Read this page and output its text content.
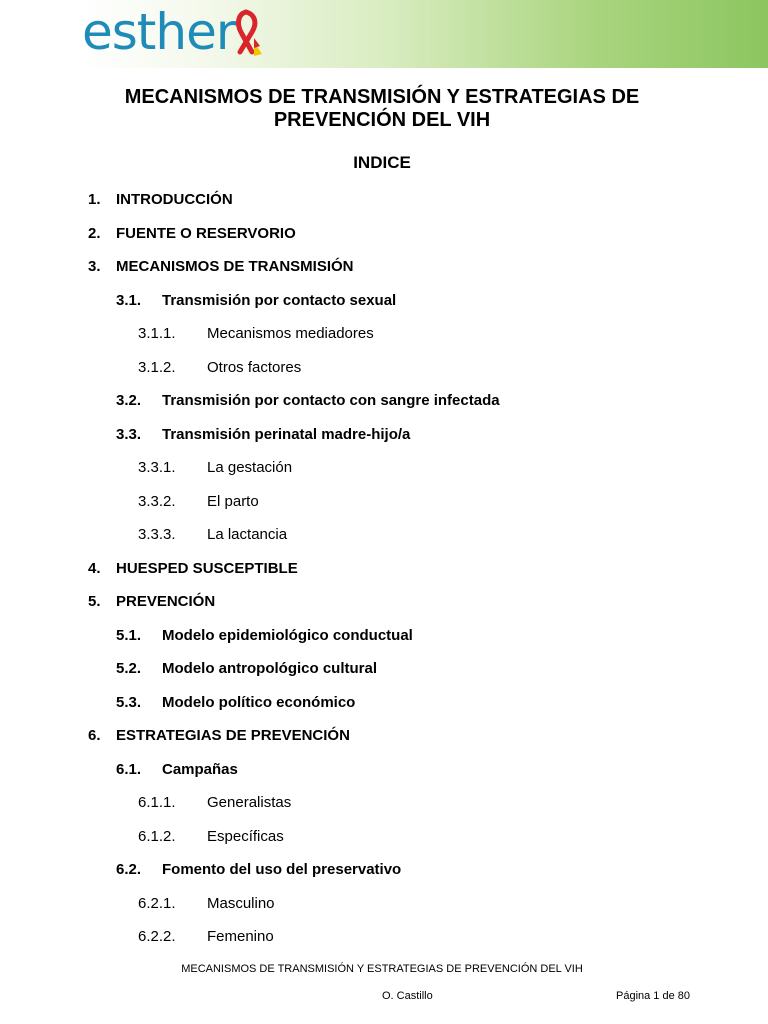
esther
MECANISMOS DE TRANSMISIÓN Y ESTRATEGIAS DE PREVENCIÓN DEL VIH
INDICE
1. INTRODUCCIÓN
2. FUENTE O RESERVORIO
3. MECANISMOS DE TRANSMISIÓN
3.1. Transmisión por contacto sexual
3.1.1. Mecanismos mediadores
3.1.2. Otros factores
3.2. Transmisión por contacto con sangre infectada
3.3. Transmisión perinatal madre-hijo/a
3.3.1. La gestación
3.3.2. El parto
3.3.3. La lactancia
4. HUESPED SUSCEPTIBLE
5. PREVENCIÓN
5.1. Modelo epidemiológico conductual
5.2. Modelo antropológico cultural
5.3. Modelo político económico
6. ESTRATEGIAS DE PREVENCIÓN
6.1. Campañas
6.1.1. Generalistas
6.1.2. Específicas
6.2. Fomento del uso del preservativo
6.2.1. Masculino
6.2.2. Femenino
MECANISMOS DE TRANSMISIÓN Y ESTRATEGIAS DE PREVENCIÓN DEL VIH
O. Castillo	Página 1 de 80
